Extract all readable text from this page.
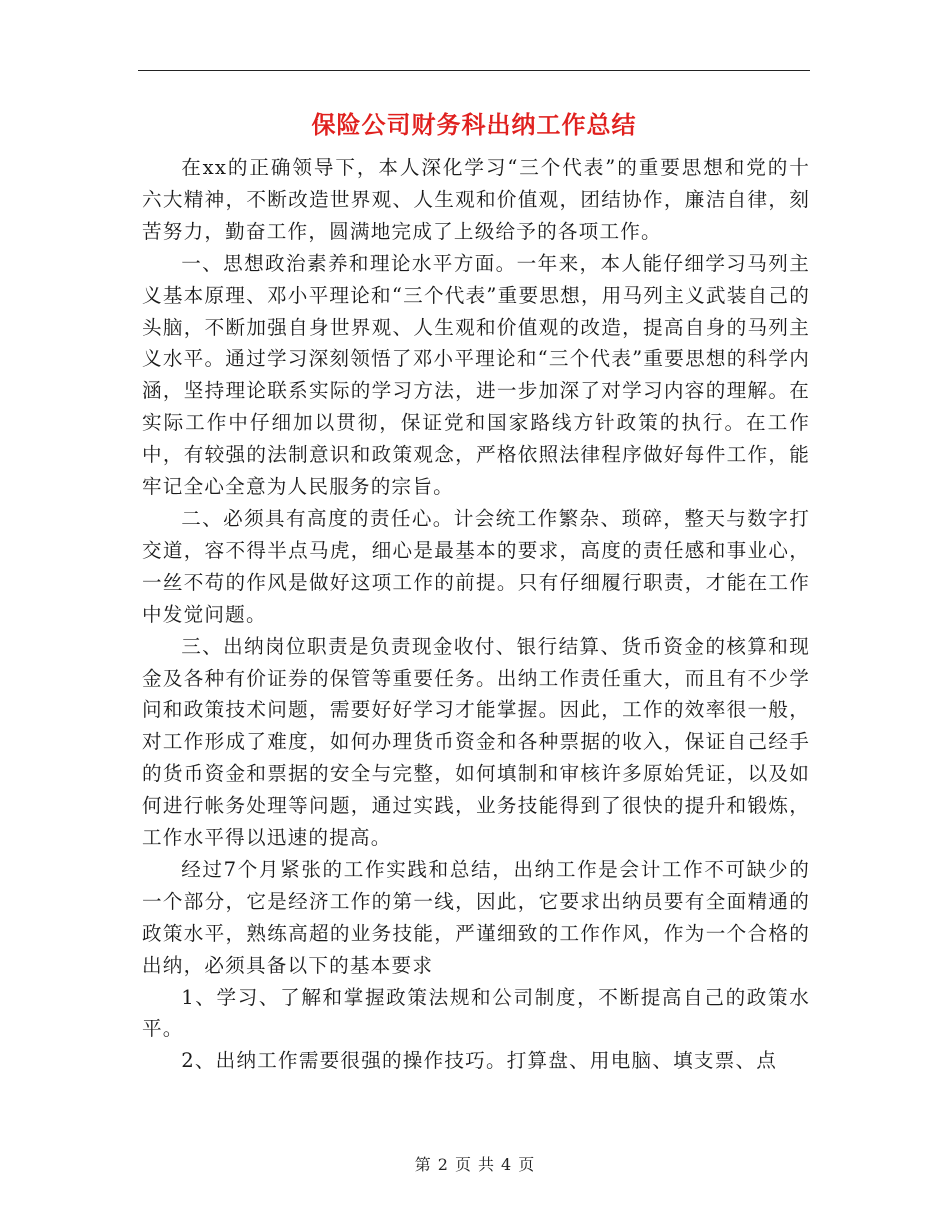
保险公司财务科出纳工作总结

在xx的正确领导下，本人深化学习“三个代表”的重要思想和党的十六大精神，不断改造世界观、人生观和价值观，团结协作，廉洁自律，刻苦努力，勤奋工作，圆满地完成了上级给予的各项工作。

一、思想政治素养和理论水平方面。一年来，本人能仔细学习马列主义基本原理、邓小平理论和“三个代表”重要思想，用马列主义武装自己的头脑，不断加强自身世界观、人生观和价值观的改造，提高自身的马列主义水平。通过学习深刻领悟了邓小平理论和“三个代表”重要思想的科学内涵，坚持理论联系实际的学习方法，进一步加深了对学习内容的理解。在实际工作中仔细加以贯彻，保证党和国家路线方针政策的执行。在工作中，有较强的法制意识和政策观念，严格依照法律程序做好每件工作，能牢记全心全意为人民服务的宗旨。

二、必须具有高度的责任心。计会统工作繁杂、琐碎，整天与数字打交道，容不得半点马虎，细心是最基本的要求，高度的责任感和事业心，一丝不苟的作风是做好这项工作的前提。只有仔细履行职责，才能在工作中发觉问题。

三、出纳岗位职责是负责现金收付、银行结算、货币资金的核算和现金及各种有价证券的保管等重要任务。出纳工作责任重大，而且有不少学问和政策技术问题，需要好好学习才能掌握。因此，工作的效率很一般，对工作形成了难度，如何办理货币资金和各种票据的收入，保证自己经手的货币资金和票据的安全与完整，如何填制和审核许多原始凭证，以及如何进行帐务处理等问题，通过实践，业务技能得到了很快的提升和锻炼，工作水平得以迅速的提高。

经过7个月紧张的工作实践和总结，出纳工作是会计工作不可缺少的一个部分，它是经济工作的第一线，因此，它要求出纳员要有全面精通的政策水平，熟练高超的业务技能，严谨细致的工作作风，作为一个合格的出纳，必须具备以下的基本要求

1、学习、了解和掌握政策法规和公司制度，不断提高自己的政策水平。

2、出纳工作需要很强的操作技巧。打算盘、用电脑、填支票、点

第 2 页 共 4 页
